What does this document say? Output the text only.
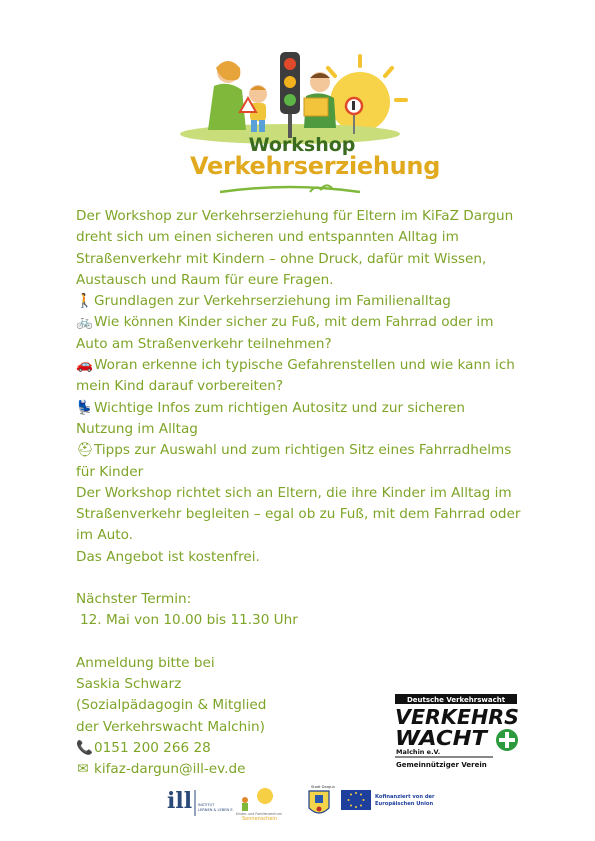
Workshop
Verkehrserziehung

Der Workshop zur Verkehrserziehung für Eltern im KiFaZ Dargun dreht sich um einen sicheren und entspannten Alltag im Straßenverkehr mit Kindern – ohne Druck, dafür mit Wissen, Austausch und Raum für eure Fragen.

🚶Grundlagen zur Verkehrserziehung im Familienalltag

🚲Wie können Kinder sicher zu Fuß, mit dem Fahrrad oder im Auto am Straßenverkehr teilnehmen?

🚗Woran erkenne ich typische Gefahrenstellen und wie kann ich mein Kind darauf vorbereiten?

💺Wichtige Infos zum richtigen Autositz und zur sicheren Nutzung im Alltag

⛑Tipps zur Auswahl und zum richtigen Sitz eines Fahrradhelms für Kinder

Der Workshop richtet sich an Eltern, die ihre Kinder im Alltag im Straßenverkehr begleiten – egal ob zu Fuß, mit dem Fahrrad oder im Auto.

Das Angebot ist kostenfrei.

Nächster Termin:

12. Mai von 10.00 bis 11.30 Uhr

Anmeldung bitte bei

Saskia Schwarz

(Sozialpädagogin & Mitglied

der Verkehrswacht Malchin)

📞0151 200 266 28

✉ kifaz-dargun@ill-ev.de

Deutsche Verkehrswacht
VERKEHRS
WACHT
Malchin e.V.
Gemeinnütziger Verein
ill INSTITUT
LERNEN & LEBEN E.
Kinder- und Familienzentrum
Sonnenschein
Stadt Dargun
Kofinanziert von der
Europäischen Union
